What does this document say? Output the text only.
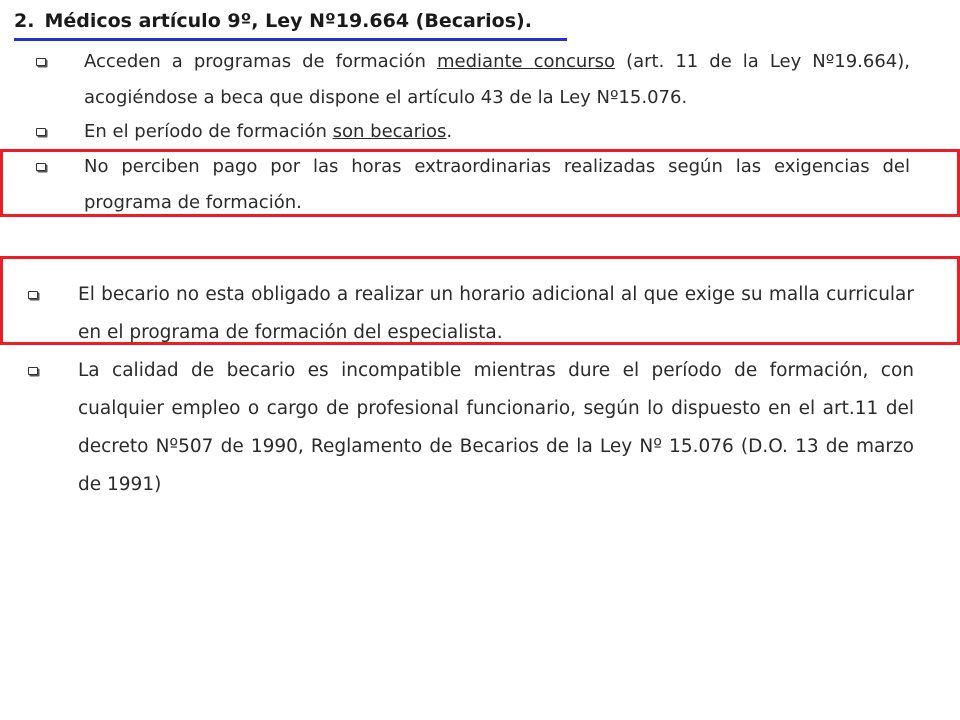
2. Médicos artículo 9º, Ley Nº19.664 (Becarios).
Acceden a programas de formación mediante concurso (art. 11 de la Ley Nº19.664), acogiéndose a beca que dispone el artículo 43 de la Ley Nº15.076.
En el período de formación son becarios.
No perciben pago por las horas extraordinarias realizadas según las exigencias del programa de formación.
El becario no esta obligado a realizar un horario adicional al que exige su malla curricular en el programa de formación del especialista.
La calidad de becario es incompatible mientras dure el período de formación, con cualquier empleo o cargo de profesional funcionario, según lo dispuesto en el art.11 del decreto Nº507 de 1990, Reglamento de Becarios de la Ley Nº 15.076 (D.O. 13 de marzo de 1991)
